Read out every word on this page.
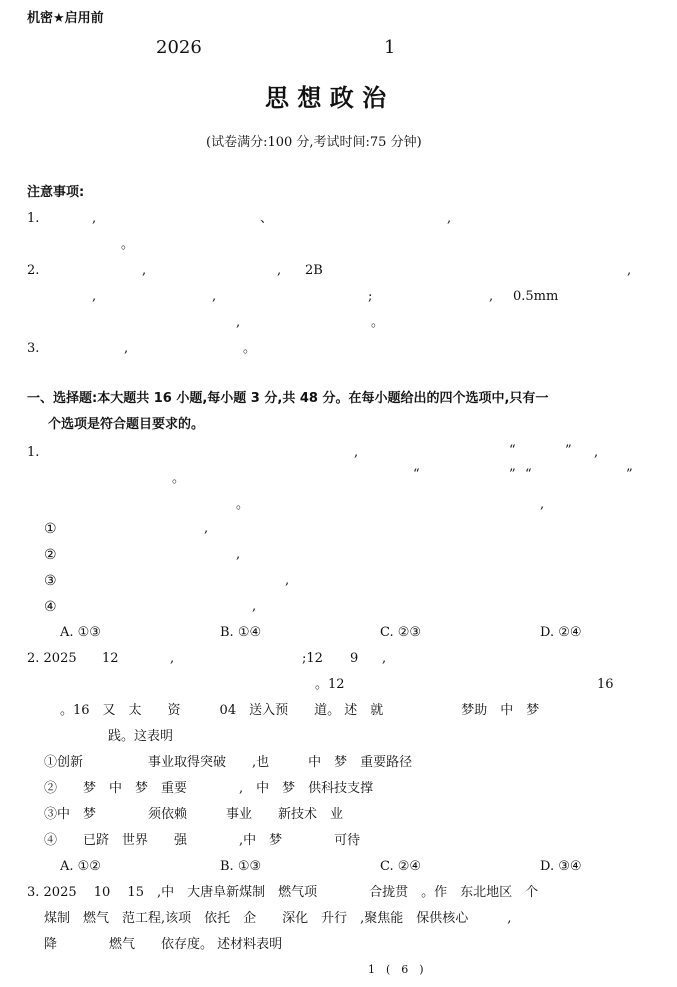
机密★启用前
2026	1
思 想 政 治
(试卷满分:100 分,考试时间:75 分钟)
注意事项:
1.	,	、	,
。
2.	,	, 2B	,
,	,	;	, 0.5mm
,	。
3.	,	。
一、选择题:本大题共 16 小题,每小题 3 分,共 48 分。在每小题给出的四个选项中,只有一
个选项是符合题目要求的。
1.	,	“	” ,
。	“	” “	”
。	,
①	,
②	,
③	,
④	,
A. ①③	B. ①④	C. ②③	D. ②④
2. 2025 12	,	;12 9 ,
。12	16
。16　又　太　　资　　　04　送入预　　道。 述　就　　　　　　梦助　中　梦
践。这表明
①创新　　　　　事业取得突破　　,也　　　中　梦　重要路径
②　　梦　中　梦　重要　　　　,　中　梦　供科技支撑
③中　梦　　　　须依赖　　　事业　　新技术　业
④　　已跻　世界　　强　　　　,中　梦　　　　可待
A. ①②	B. ①③	C. ②④	D. ③④
3. 2025　 10　 15　,中　大唐阜新煤制　燃气项　　　　合拢贯　。作　东北地区　个
煤制　燃气　范工程,该项　依托　企　　深化　升行　,聚焦能　保供核心　　　,
降　　　　燃气　　依存度。 述材料表明
1　(　6　)
